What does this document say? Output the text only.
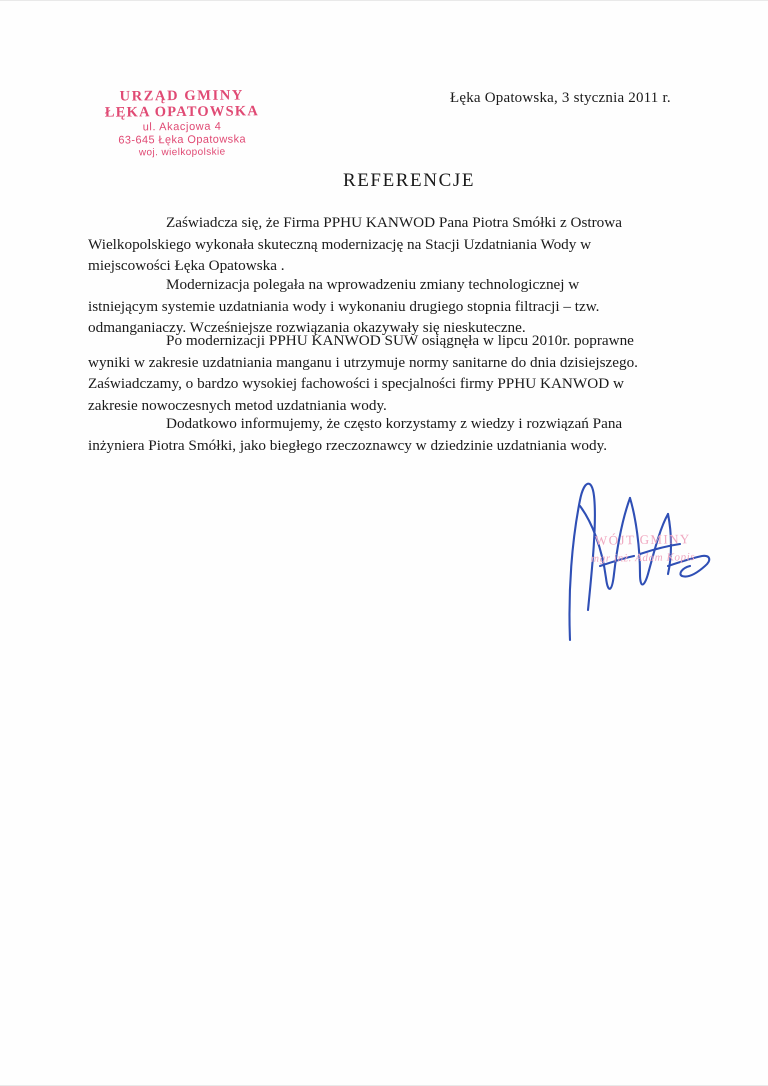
URZĄD GMINY
ŁĘKA OPATOWSKA
ul. Akacjowa 4
63-645 Łęka Opatowska
woj. wielkopolskie
Łęka Opatowska, 3 stycznia 2011 r.
REFERENCJE

Zaświadcza się, że Firma PPHU KANWOD Pana Piotra Smółki z Ostrowa Wielkopolskiego wykonała skuteczną modernizację na Stacji Uzdatniania Wody w miejscowości Łęka Opatowska .

Modernizacja polegała na wprowadzeniu zmiany technologicznej w istniejącym systemie uzdatniania wody i wykonaniu drugiego stopnia filtracji – tzw. odmanganiaczy. Wcześniejsze rozwiązania okazywały się nieskuteczne.

Po modernizacji PPHU KANWOD SUW osiągnęła w lipcu 2010r. poprawne wyniki w zakresie uzdatniania manganu i utrzymuje normy sanitarne do dnia dzisiejszego. Zaświadczamy, o bardzo wysokiej fachowości i specjalności firmy PPHU KANWOD w zakresie nowoczesnych metod uzdatniania wody.

Dodatkowo informujemy, że często korzystamy z wiedzy i rozwiązań Pana inżyniera Piotra Smółki, jako biegłego rzeczoznawcy w dziedzinie uzdatniania wody.

WÓJT GMINY
mgr inż. Adam Kopis
